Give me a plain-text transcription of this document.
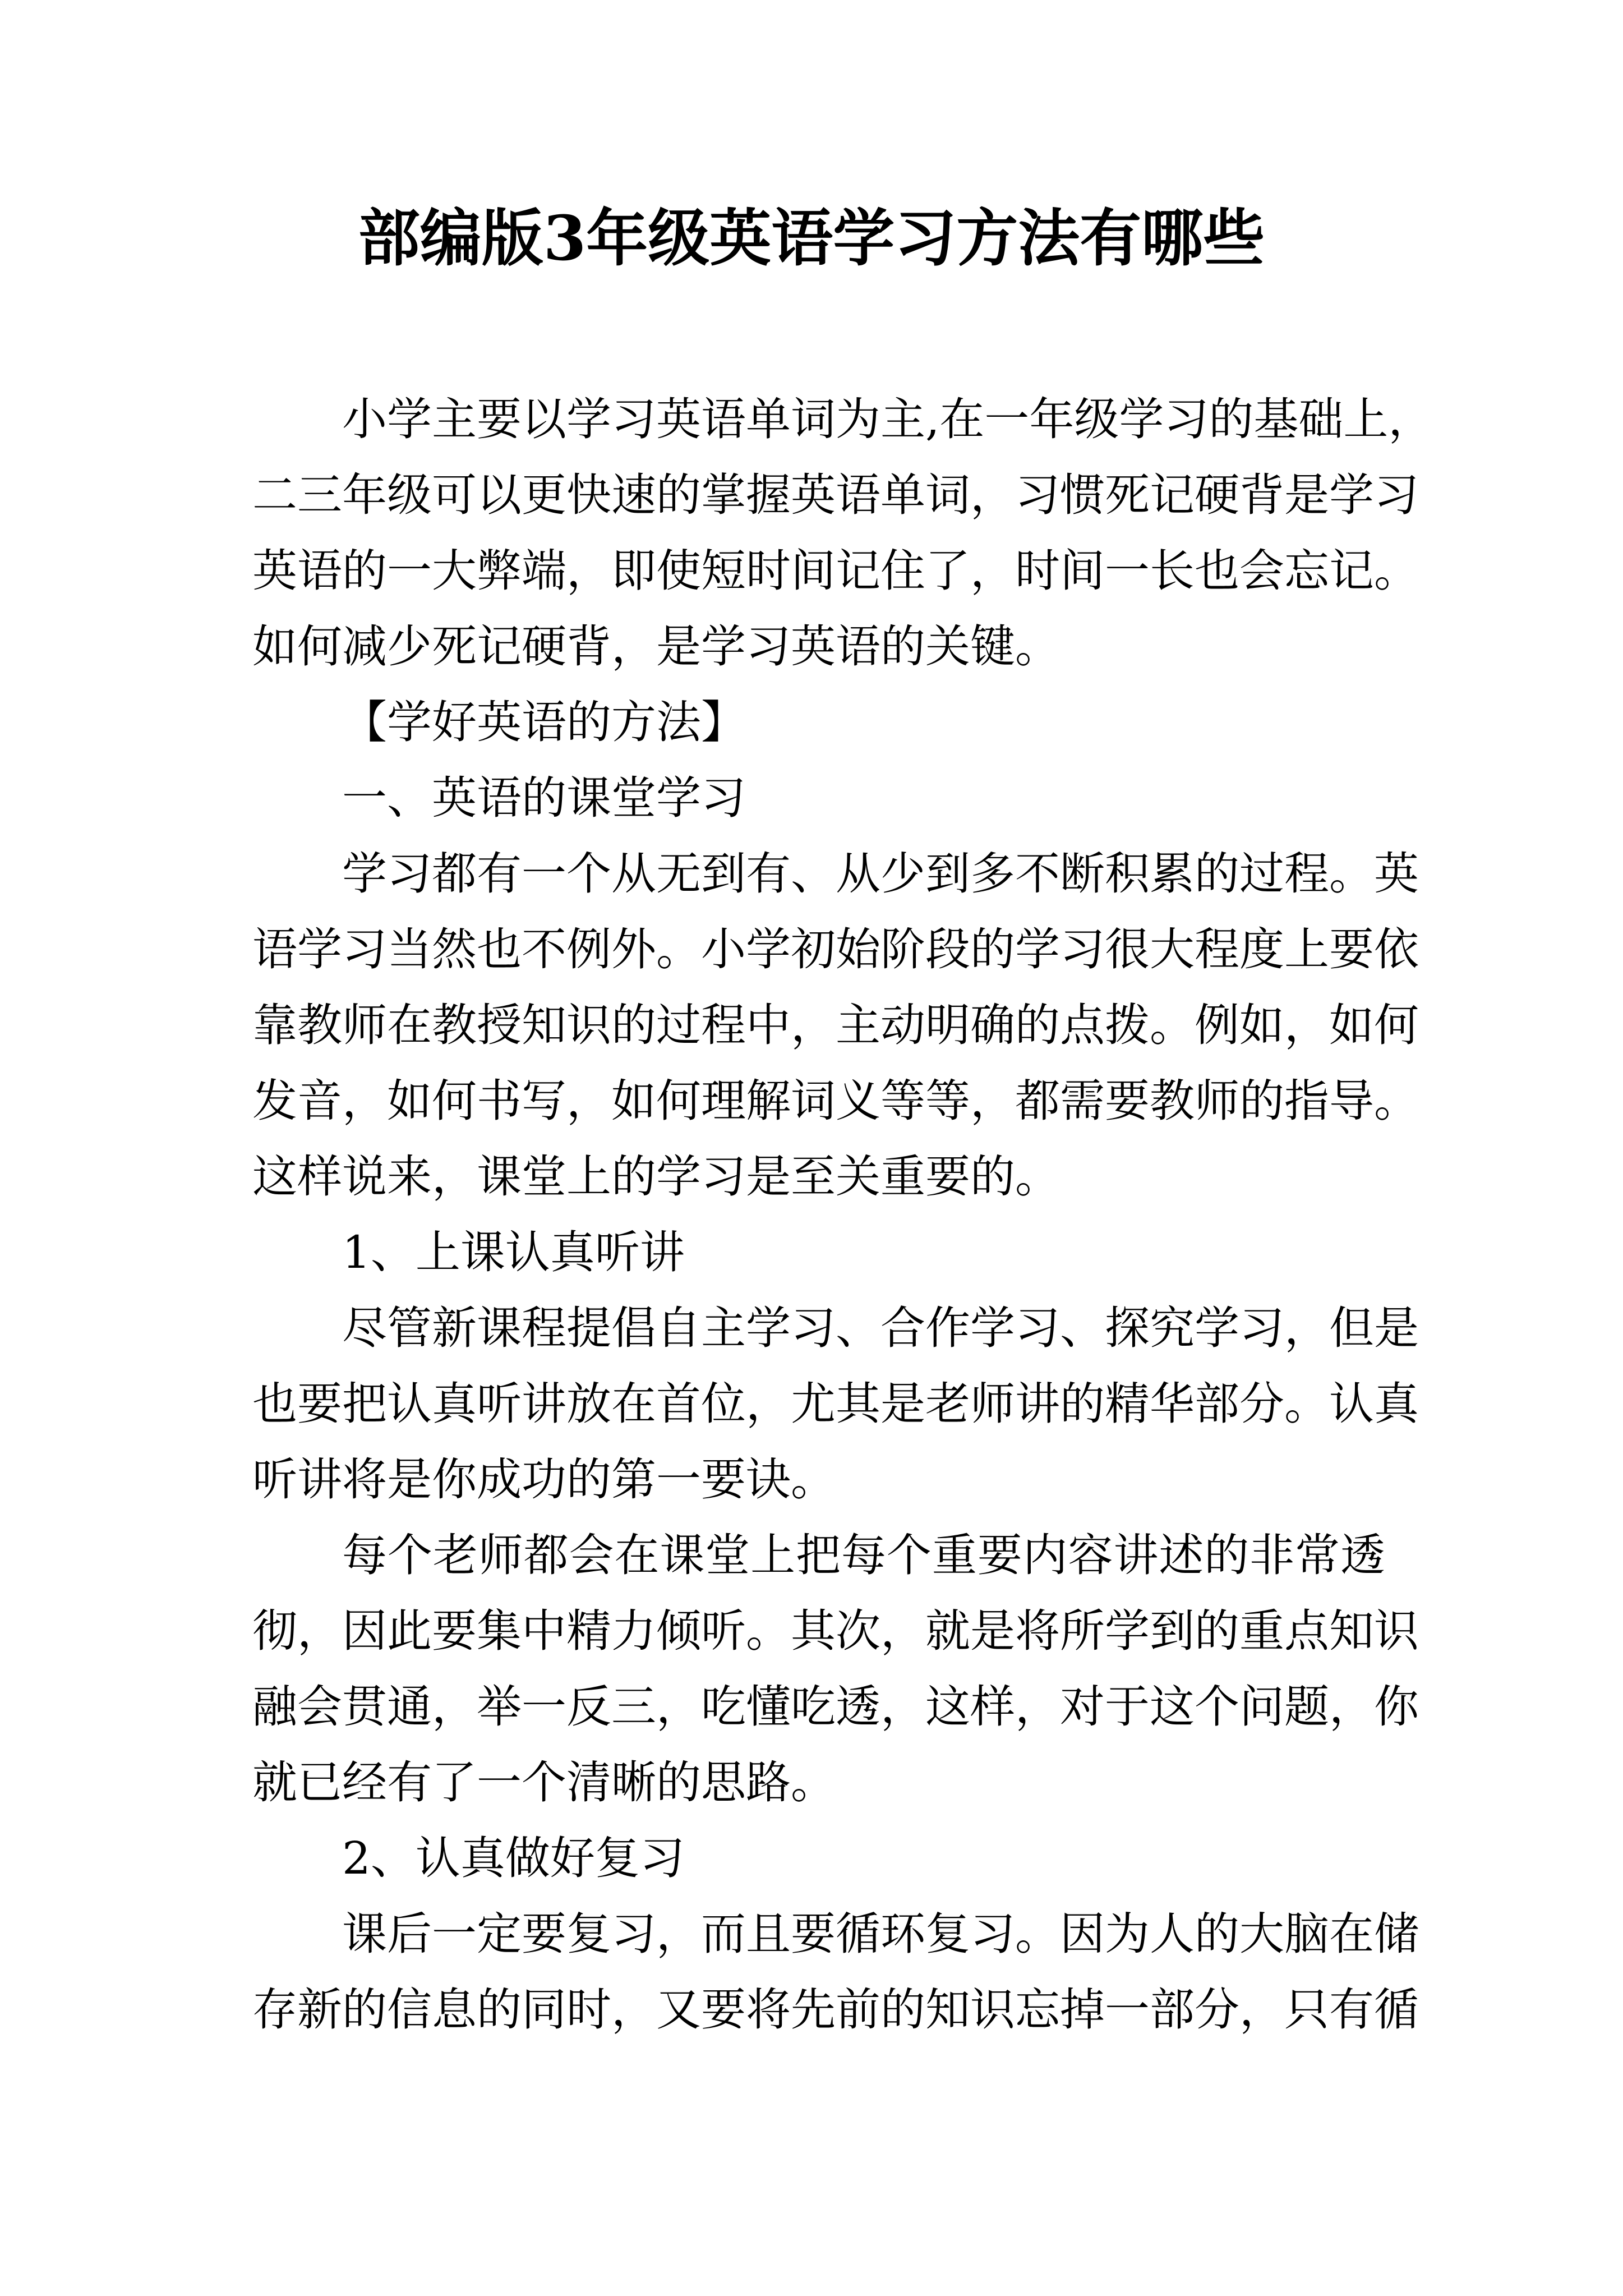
部编版3年级英语学习方法有哪些
小学主要以学习英语单词为主,在一年级学习的基础上，
二三年级可以更快速的掌握英语单词，习惯死记硬背是学习
英语的一大弊端，即使短时间记住了，时间一长也会忘记。
如何减少死记硬背，是学习英语的关键。
【学好英语的方法】
一、英语的课堂学习
学习都有一个从无到有、从少到多不断积累的过程。英
语学习当然也不例外。小学初始阶段的学习很大程度上要依
靠教师在教授知识的过程中，主动明确的点拨。例如，如何
发音，如何书写，如何理解词义等等，都需要教师的指导。
这样说来，课堂上的学习是至关重要的。
1、上课认真听讲
尽管新课程提倡自主学习、合作学习、探究学习，但是
也要把认真听讲放在首位，尤其是老师讲的精华部分。认真
听讲将是你成功的第一要诀。
每个老师都会在课堂上把每个重要内容讲述的非常透
彻，因此要集中精力倾听。其次，就是将所学到的重点知识
融会贯通，举一反三，吃懂吃透，这样，对于这个问题，你
就已经有了一个清晰的思路。
2、认真做好复习
课后一定要复习，而且要循环复习。因为人的大脑在储
存新的信息的同时，又要将先前的知识忘掉一部分，只有循
